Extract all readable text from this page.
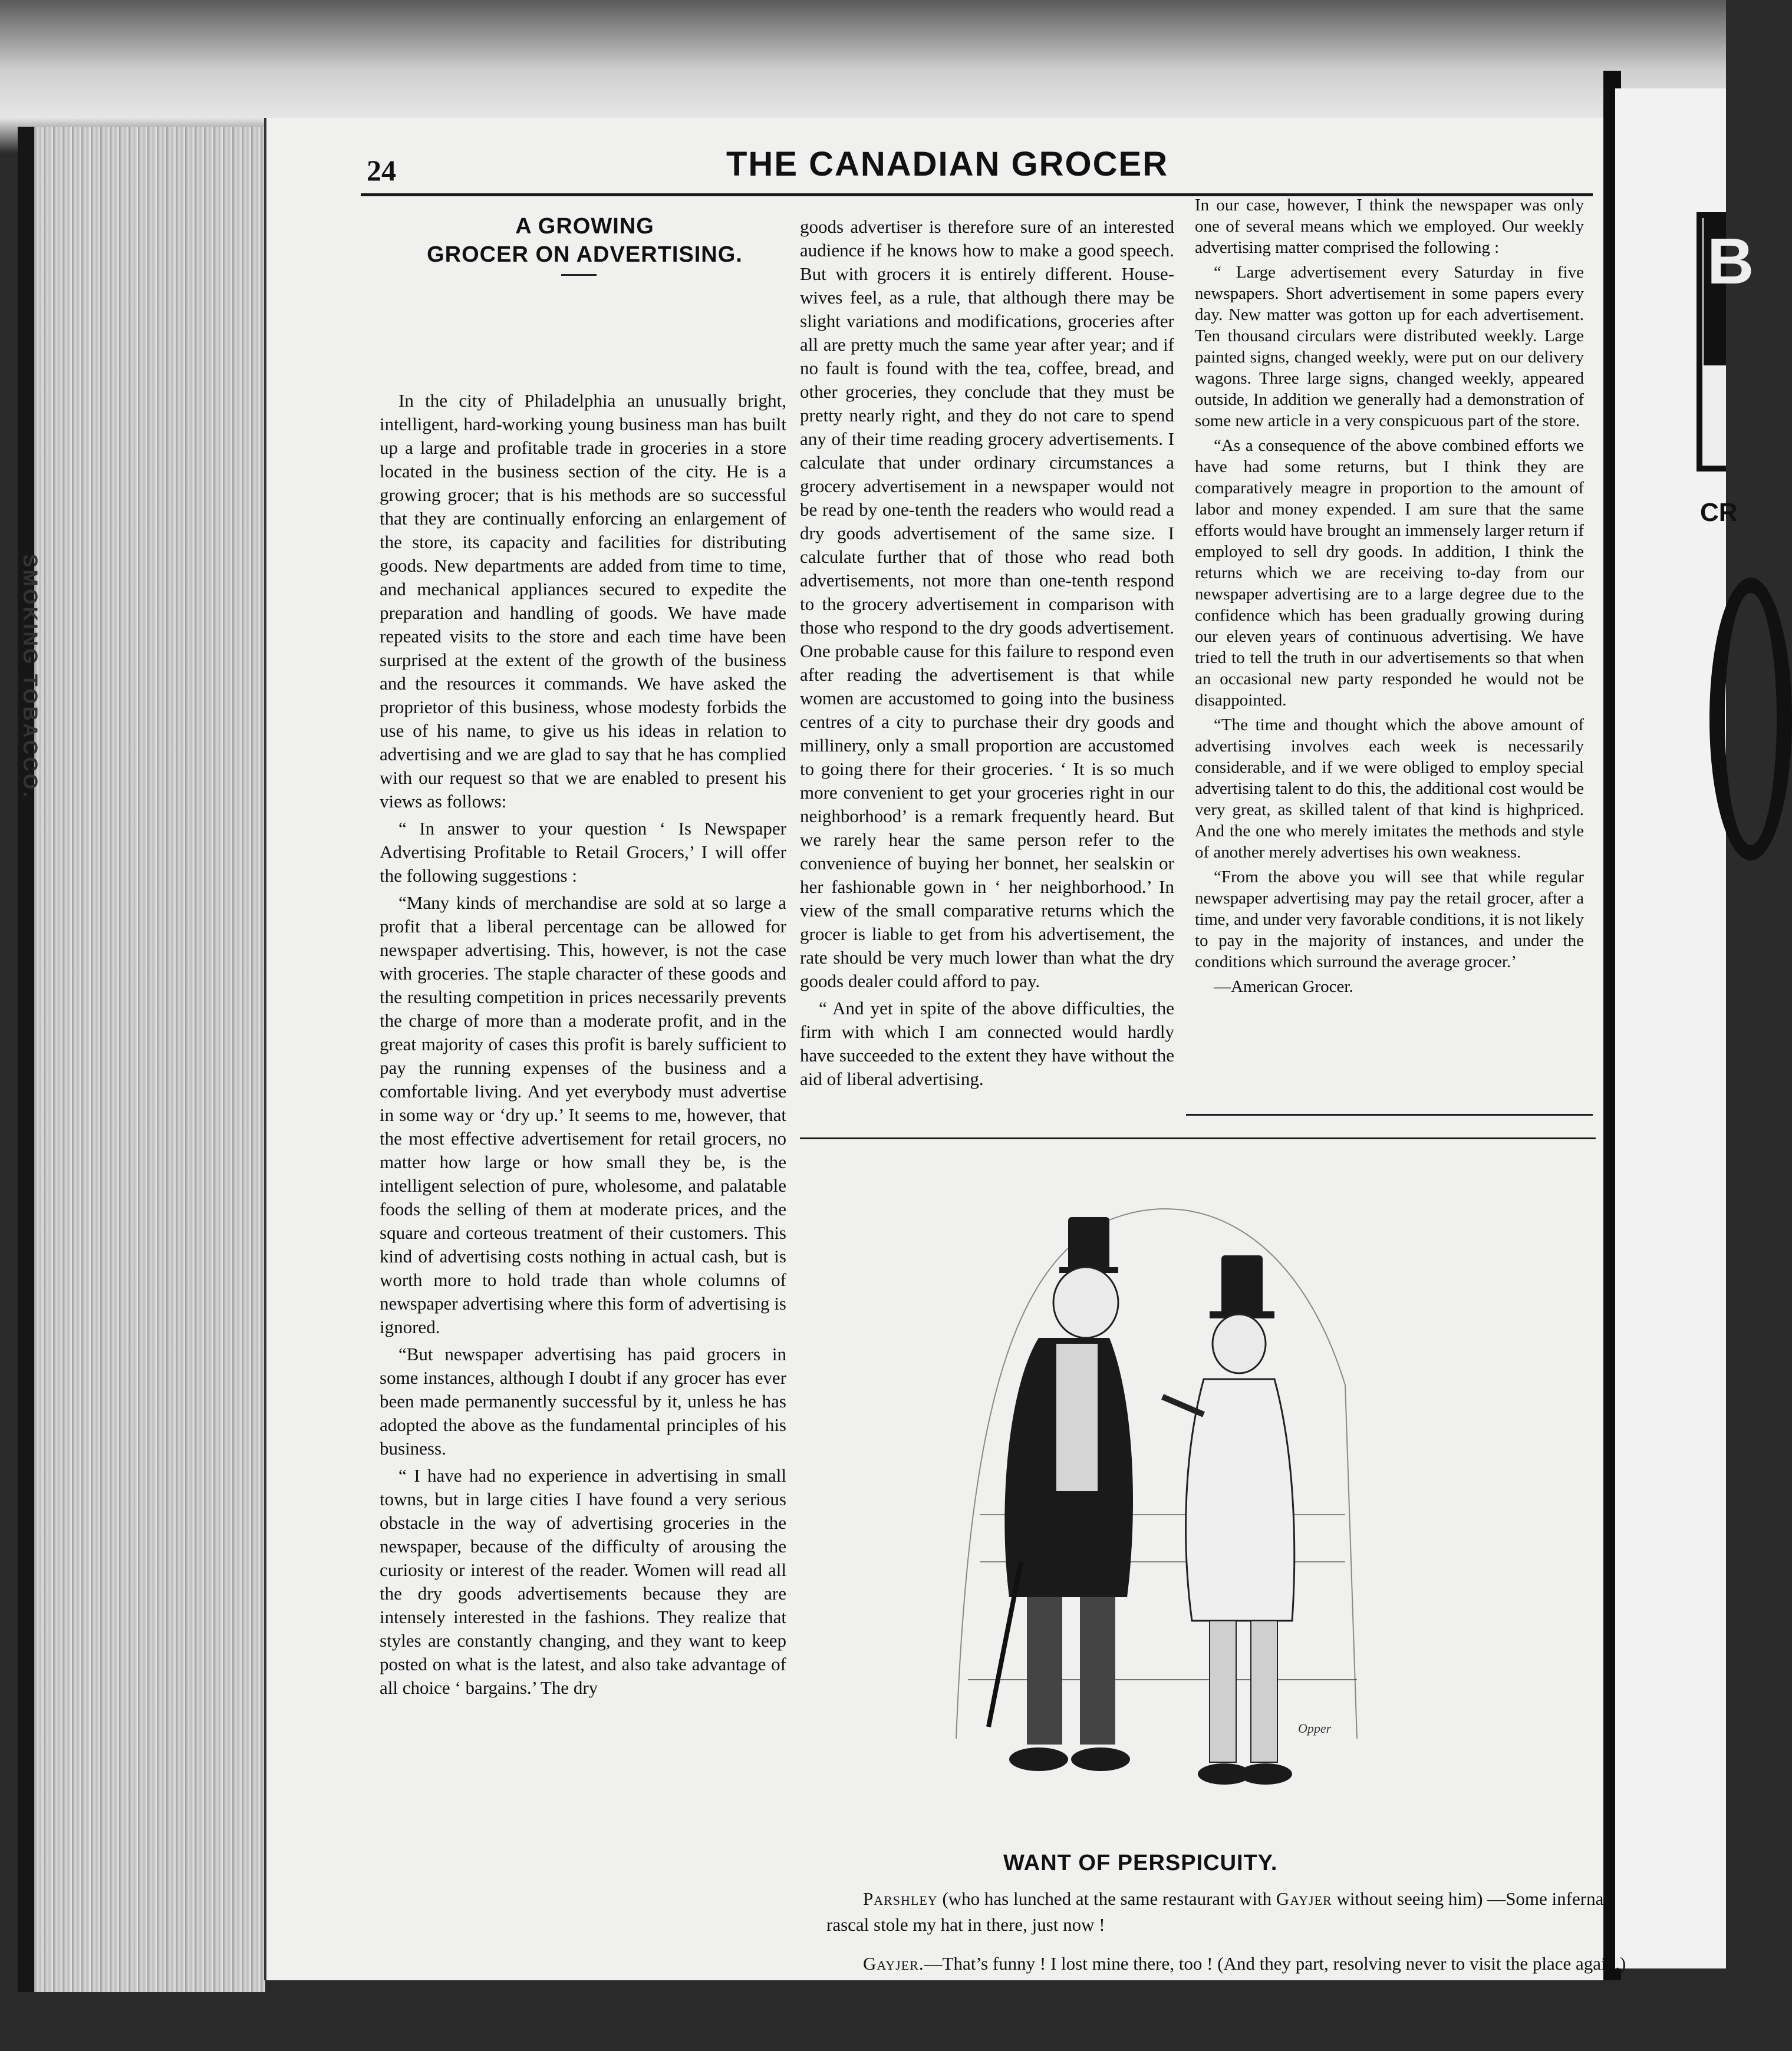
SMOKING TOBACCO.
B
CR
24	THE CANADIAN GROCER
A GROWING
GROCER ON ADVERTISING.

In the city of Philadelphia an unusually bright, intelligent, hard-working young business man has built up a large and profitable trade in groceries in a store located in the business section of the city. He is a growing grocer; that is his methods are so successful that they are continually enforcing an enlargement of the store, its capacity and facilities for distributing goods. New departments are added from time to time, and mechanical appliances secured to expedite the preparation and handling of goods. We have made repeated visits to the store and each time have been surprised at the extent of the growth of the business and the resources it commands. We have asked the proprietor of this business, whose modesty forbids the use of his name, to give us his ideas in relation to advertising and we are glad to say that he has complied with our request so that we are enabled to present his views as follows:

“ In answer to your question ‘ Is Newspaper Advertising Profitable to Retail Grocers,’ I will offer the following suggestions :

“Many kinds of merchandise are sold at so large a profit that a liberal percentage can be allowed for newspaper advertising. This, however, is not the case with groceries. The staple character of these goods and the resulting competition in prices necessarily prevents the charge of more than a moderate profit, and in the great majority of cases this profit is barely sufficient to pay the running expenses of the business and a comfortable living. And yet everybody must advertise in some way or ‘dry up.’ It seems to me, however, that the most effective advertisement for retail grocers, no matter how large or how small they be, is the intelligent selection of pure, wholesome, and palatable foods the selling of them at moderate prices, and the square and corteous treatment of their customers. This kind of advertising costs nothing in actual cash, but is worth more to hold trade than whole columns of newspaper advertising where this form of advertising is ignored.

“But newspaper advertising has paid grocers in some instances, although I doubt if any grocer has ever been made permanently successful by it, unless he has adopted the above as the fundamental principles of his business.

“ I have had no experience in advertising in small towns, but in large cities I have found a very serious obstacle in the way of advertising groceries in the newspaper, because of the difficulty of arousing the curiosity or interest of the reader. Women will read all the dry goods advertisements because they are intensely interested in the fashions. They realize that styles are constantly changing, and they want to keep posted on what is the latest, and also take advantage of all choice ‘ bargains.’ The dry

goods advertiser is therefore sure of an interested audience if he knows how to make a good speech. But with grocers it is entirely different. House-wives feel, as a rule, that although there may be slight variations and modifications, groceries after all are pretty much the same year after year; and if no fault is found with the tea, coffee, bread, and other groceries, they conclude that they must be pretty nearly right, and they do not care to spend any of their time reading grocery advertisements. I calculate that under ordinary circumstances a grocery advertisement in a newspaper would not be read by one-tenth the readers who would read a dry goods advertisement of the same size. I calculate further that of those who read both advertisements, not more than one-tenth respond to the grocery advertisement in comparison with those who respond to the dry goods advertisement. One probable cause for this failure to respond even after reading the advertisement is that while women are accustomed to going into the business centres of a city to purchase their dry goods and millinery, only a small proportion are accustomed to going there for their groceries. ‘ It is so much more convenient to get your groceries right in our neighborhood’ is a remark frequently heard. But we rarely hear the same person refer to the convenience of buying her bonnet, her sealskin or her fashionable gown in ‘ her neighborhood.’ In view of the small comparative returns which the grocer is liable to get from his advertisement, the rate should be very much lower than what the dry goods dealer could afford to pay.

“ And yet in spite of the above difficulties, the firm with which I am connected would hardly have succeeded to the extent they have without the aid of liberal advertising.

In our case, however, I think the newspaper was only one of several means which we employed. Our weekly advertising matter comprised the following :

“ Large advertisement every Saturday in five newspapers. Short advertisement in some papers every day. New matter was gotton up for each advertisement. Ten thousand circulars were distributed weekly. Large painted signs, changed weekly, were put on our delivery wagons. Three large signs, changed weekly, appeared outside, In addition we generally had a demonstration of some new article in a very conspicuous part of the store.

“As a consequence of the above combined efforts we have had some returns, but I think they are comparatively meagre in proportion to the amount of labor and money expended. I am sure that the same efforts would have brought an immensely larger return if employed to sell dry goods. In addition, I think the returns which we are receiving to-day from our newspaper advertising are to a large degree due to the confidence which has been gradually growing during our eleven years of continuous advertising. We have tried to tell the truth in our advertisements so that when an occasional new party responded he would not be disappointed.

“The time and thought which the above amount of advertising involves each week is necessarily considerable, and if we were obliged to employ special advertising talent to do this, the additional cost would be very great, as skilled talent of that kind is highpriced. And the one who merely imitates the methods and style of another merely advertises his own weakness.

“From the above you will see that while regular newspaper advertising may pay the retail grocer, after a time, and under very favorable conditions, it is not likely to pay in the majority of instances, and under the conditions which surround the average grocer.’

—American Grocer.

Opper
WANT OF PERSPICUITY.
Parshley (who has lunched at the same restaurant with Gayjer without seeing him) —Some infernal rascal stole my hat in there, just now !
Gayjer.—That’s funny ! I lost mine there, too ! (And they part, resolving never to visit the place again.)
